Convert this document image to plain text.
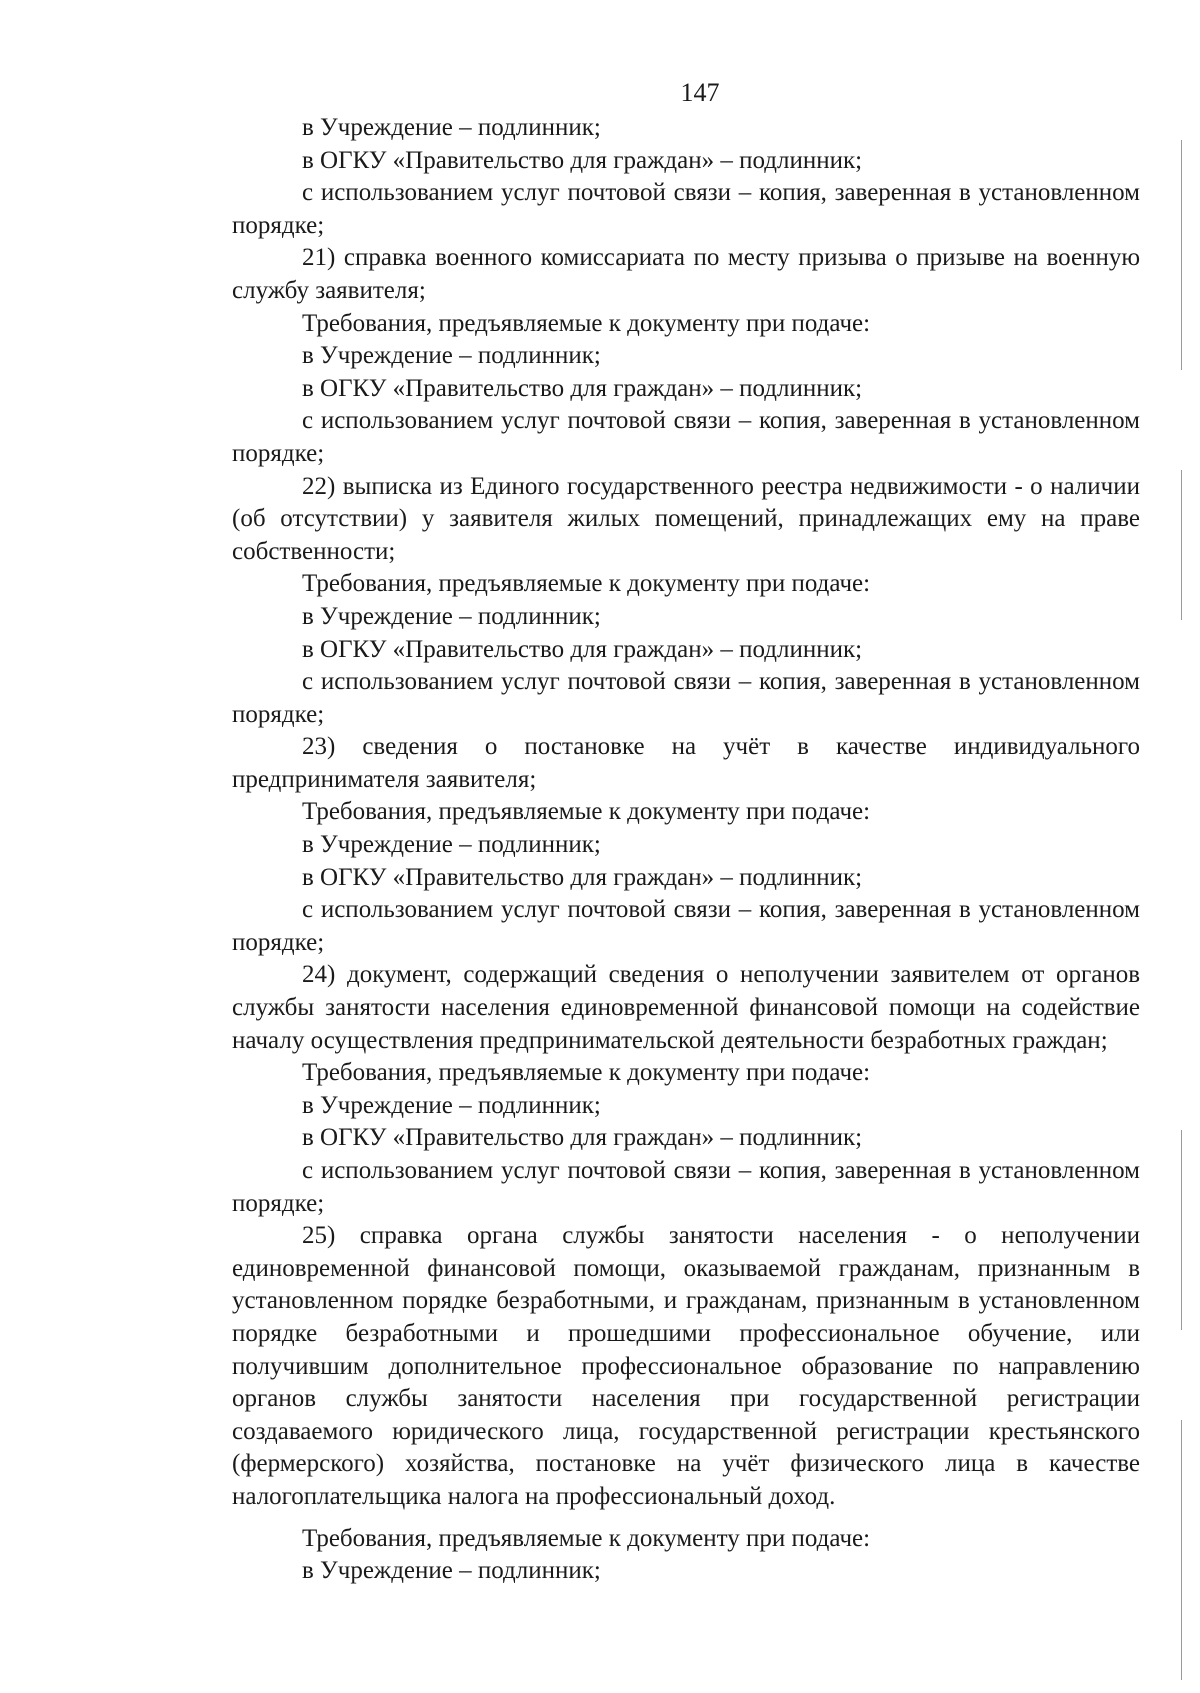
147

в Учреждение – подлинник;

в ОГКУ «Правительство для граждан» – подлинник;

с использованием услуг почтовой связи – копия, заверенная в установленном порядке;

21) справка военного комиссариата по месту призыва о призыве на военную службу заявителя;

Требования, предъявляемые к документу при подаче:

в Учреждение – подлинник;

в ОГКУ «Правительство для граждан» – подлинник;

с использованием услуг почтовой связи – копия, заверенная в установленном порядке;

22) выписка из Единого государственного реестра недвижимости - о наличии (об отсутствии) у заявителя жилых помещений, принадлежащих ему на праве собственности;

Требования, предъявляемые к документу при подаче:

в Учреждение – подлинник;

в ОГКУ «Правительство для граждан» – подлинник;

с использованием услуг почтовой связи – копия, заверенная в установленном порядке;

23) сведения о постановке на учёт в качестве индивидуального предпринимателя заявителя;

Требования, предъявляемые к документу при подаче:

в Учреждение – подлинник;

в ОГКУ «Правительство для граждан» – подлинник;

с использованием услуг почтовой связи – копия, заверенная в установленном порядке;

24) документ, содержащий сведения о неполучении заявителем от органов службы занятости населения единовременной финансовой помощи на содействие началу осуществления предпринимательской деятельности безработных граждан;

Требования, предъявляемые к документу при подаче:

в Учреждение – подлинник;

в ОГКУ «Правительство для граждан» – подлинник;

с использованием услуг почтовой связи – копия, заверенная в установленном порядке;

25) справка органа службы занятости населения - о неполучении единовременной финансовой помощи, оказываемой гражданам, признанным в установленном порядке безработными, и гражданам, признанным в установленном порядке безработными и прошедшими профессиональное обучение, или получившим дополнительное профессиональное образование по направлению органов службы занятости населения при государственной регистрации создаваемого юридического лица, государственной регистрации крестьянского (фермерского) хозяйства, постановке на учёт физического лица в качестве налогоплательщика налога на профессиональный доход.

Требования, предъявляемые к документу при подаче:

в Учреждение – подлинник;
